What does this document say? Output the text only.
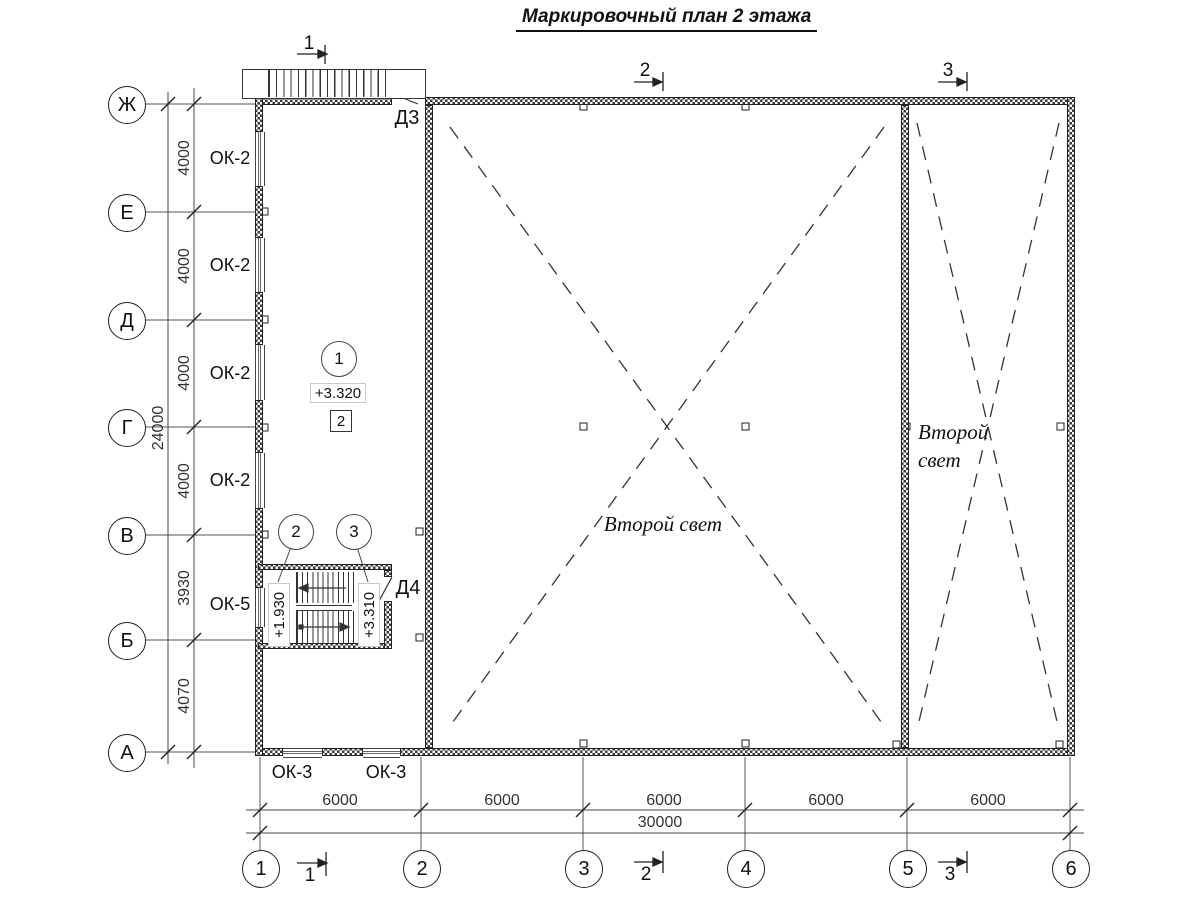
Маркировочный план 2 этажа
Ж
Е
Д
Г
В
Б
А
1	2	3	4	5	6
4000
4000
4000
4000
3930
4070
24000
6000	6000	6000	6000	6000
30000
ОК-2
ОК-2
ОК-2
ОК-2
ОК-5
ОК-3	ОК-3
Д3
Д4
+3.320
+1.930	+3.310
1
2	3
2
1
2	3
1	2	3
Второй свет
Второй
свет
